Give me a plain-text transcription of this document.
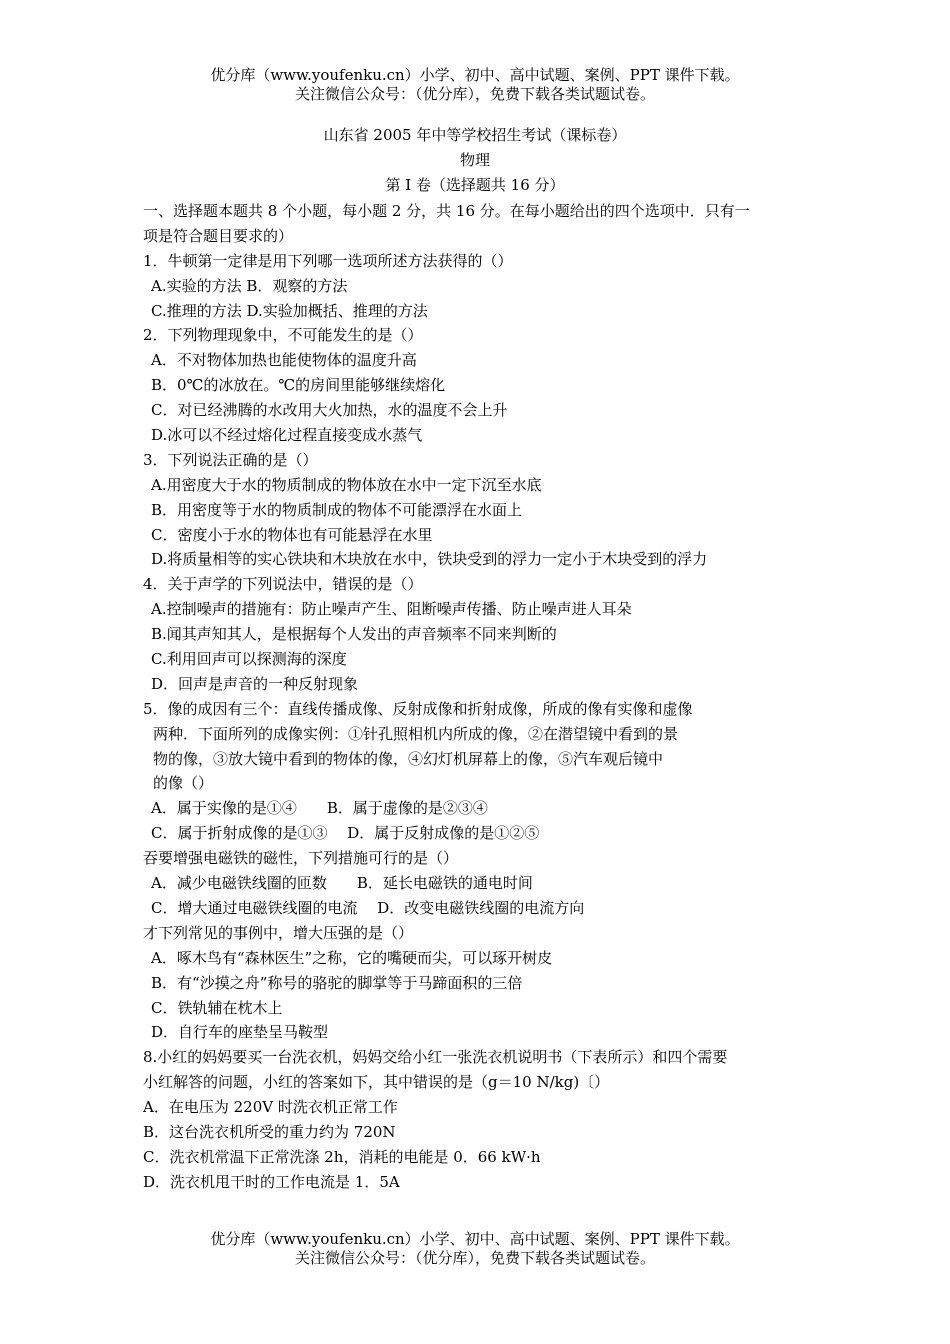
优分库（www.youfenku.cn）小学、初中、高中试题、案例、PPT 课件下载。
关注微信公众号：（优分库），免费下载各类试题试卷。
山东省 2005 年中等学校招生考试（课标卷）
物理
第 I 卷（选择题共 16 分）
一、选择题本题共 8 个小题，每小题 2 分，共 16 分。在每小题给出的四个选项中．只有一
项是符合题目要求的）
1．牛顿第一定律是用下列哪一选项所述方法获得的（）
A.实验的方法 B．观察的方法
C.推理的方法 D.实验加概括、推理的方法
2．下列物理现象中，不可能发生的是（）
A．不对物体加热也能使物体的温度升高
B．0℃的冰放在。℃的房间里能够继续熔化
C．对已经沸腾的水改用大火加热，水的温度不会上升
D.冰可以不经过熔化过程直接变成水蒸气
3．下列说法正确的是（）
A.用密度大于水的物质制成的物体放在水中一定下沉至水底
B．用密度等于水的物质制成的物体不可能漂浮在水面上
C．密度小于水的物体也有可能悬浮在水里
D.将质量相等的实心铁块和木块放在水中，铁块受到的浮力一定小于木块受到的浮力
4．关于声学的下列说法中，错误的是（）
A.控制噪声的措施有：防止噪声产生、阻断噪声传播、防止噪声进人耳朵
B.闻其声知其人，是根据每个人发出的声音频率不同来判断的
C.利用回声可以探测海的深度
D．回声是声音的一种反射现象
5．像的成因有三个：直线传播成像、反射成像和折射成像，所成的像有实像和虚像
两种．下面所列的成像实例：①针孔照相机内所成的像，②在潜望镜中看到的景
物的像，③放大镜中看到的物体的像，④幻灯机屏幕上的像，⑤汽车观后镜中
的像（）
A．属于实像的是①④　　B．属于虚像的是②③④
C．属于折射成像的是①③　 D．属于反射成像的是①②⑤
吞要增强电磁铁的磁性，下列措施可行的是（）
A．减少电磁铁线圈的匝数　　B．延长电磁铁的通电时间
C．增大通过电磁铁线圈的电流　 D．改变电磁铁线圈的电流方向
才下列常见的事例中，增大压强的是（）
A．啄木鸟有“森林医生”之称，它的嘴硬而尖，可以琢开树皮
B．有“沙摸之舟”称号的骆驼的脚掌等于马蹄面积的三倍
C．铁轨辅在枕木上
D．自行车的座垫呈马鞍型
8.小红的妈妈要买一台洗衣机，妈妈交给小红一张洗衣机说明书（下表所示）和四个需要
小红解答的问题，小红的答案如下，其中错误的是（g＝10 N/kg)〔）
A．在电压为 220V 时洗衣机正常工作
B．这台洗衣机所受的重力约为 720N
C．洗衣机常温下正常洗涤 2h，消耗的电能是 0．66 kW·h
D．洗衣机甩干时的工作电流是 1．5A
优分库（www.youfenku.cn）小学、初中、高中试题、案例、PPT 课件下载。
关注微信公众号：（优分库），免费下载各类试题试卷。
